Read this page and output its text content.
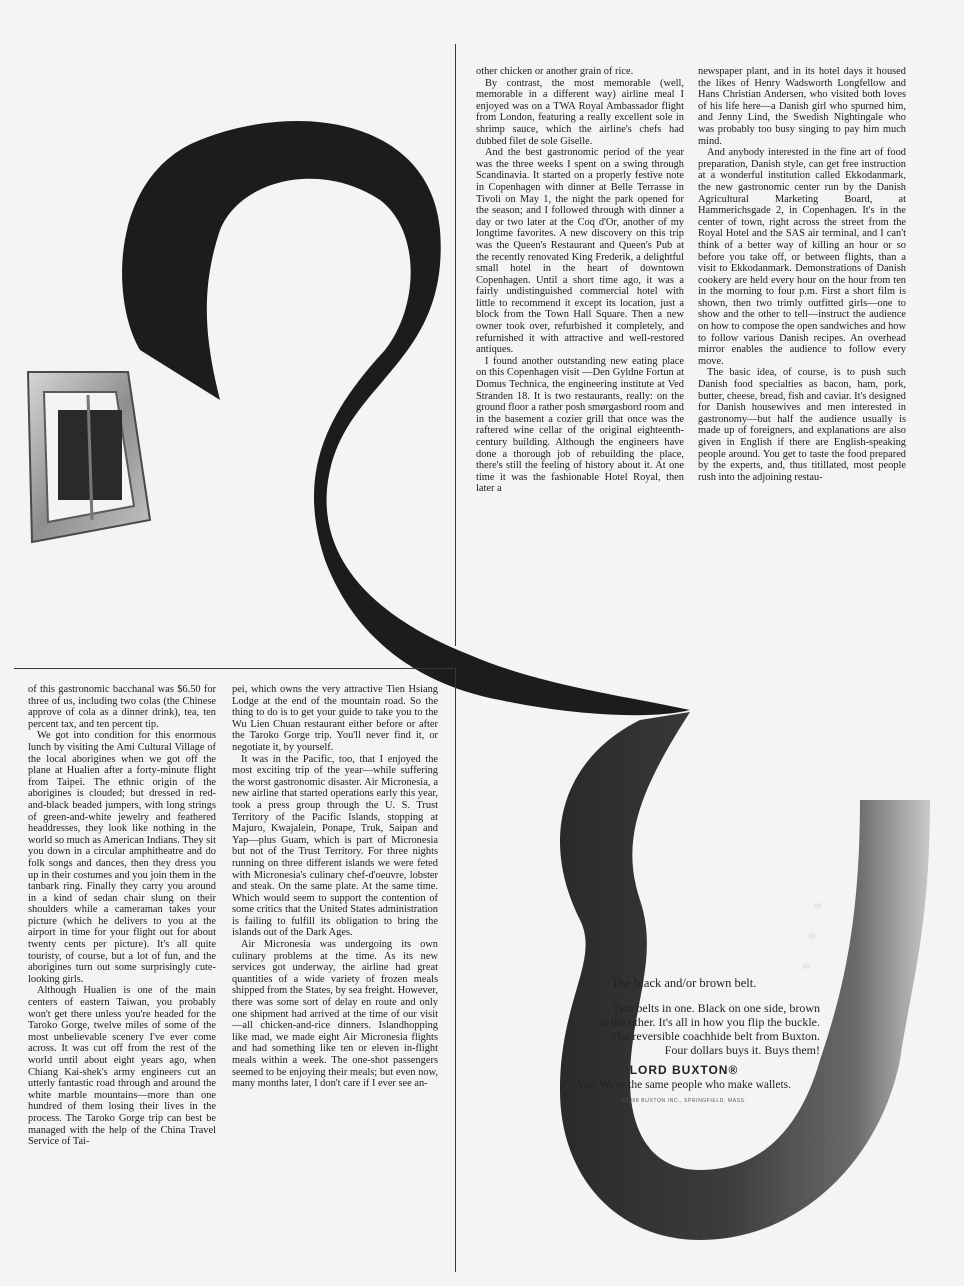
other chicken or another grain of rice.

By contrast, the most memorable (well, memorable in a different way) airline meal I enjoyed was on a TWA Royal Ambassador flight from London, featuring a really excellent sole in shrimp sauce, which the airline's chefs had dubbed filet de sole Giselle.

And the best gastronomic period of the year was the three weeks I spent on a swing through Scandinavia. It started on a properly festive note in Copenhagen with dinner at Belle Terrasse in Tivoli on May 1, the night the park opened for the season; and I followed through with dinner a day or two later at the Coq d'Or, another of my longtime favorites. A new discovery on this trip was the Queen's Restaurant and Queen's Pub at the recently renovated King Frederik, a delightful small hotel in the heart of downtown Copenhagen. Until a short time ago, it was a fairly undistinguished commercial hotel with little to recommend it except its location, just a block from the Town Hall Square. Then a new owner took over, refurbished it completely, and refurnished it with attractive and well-restored antiques.

I found another outstanding new eating place on this Copenhagen visit —Den Gyldne Fortun at Domus Technica, the engineering institute at Ved Stranden 18. It is two restaurants, really: on the ground floor a rather posh smørgasbord room and in the basement a cozier grill that once was the raftered wine cellar of the original eighteenth-century building. Although the engineers have done a thorough job of rebuilding the place, there's still the feeling of history about it. At one time it was the fashionable Hotel Royal, then later a

newspaper plant, and in its hotel days it housed the likes of Henry Wadsworth Longfellow and Hans Christian Andersen, who visited both loves of his life here—a Danish girl who spurned him, and Jenny Lind, the Swedish Nightingale who was probably too busy singing to pay him much mind.

And anybody interested in the fine art of food preparation, Danish style, can get free instruction at a wonderful institution called Ekkodanmark, the new gastronomic center run by the Danish Agricultural Marketing Board, at Hammerichsgade 2, in Copenhagen. It's in the center of town, right across the street from the Royal Hotel and the SAS air terminal, and I can't think of a better way of killing an hour or so before you take off, or between flights, than a visit to Ekkodanmark. Demonstrations of Danish cookery are held every hour on the hour from ten in the morning to four p.m. First a short film is shown, then two trimly outfitted girls—one to show and the other to tell—instruct the audience on how to compose the open sandwiches and how to follow various Danish recipes. An overhead mirror enables the audience to follow every move.

The basic idea, of course, is to push such Danish food specialties as bacon, ham, pork, butter, cheese, bread, fish and caviar. It's designed for Danish housewives and men interested in gastronomy—but half the audience usually is made up of foreigners, and explanations are also given in English if there are English-speaking people around. You get to taste the food prepared by the experts, and, thus titillated, most people rush into the adjoining restau-

of this gastronomic bacchanal was $6.50 for three of us, including two colas (the Chinese approve of cola as a dinner drink), tea, ten percent tax, and ten percent tip.

We got into condition for this enormous lunch by visiting the Ami Cultural Village of the local aborigines when we got off the plane at Hualien after a forty-minute flight from Taipei. The ethnic origin of the aborigines is clouded; but dressed in red-and-black beaded jumpers, with long strings of green-and-white jewelry and feathered headdresses, they look like nothing in the world so much as American Indians. They sit you down in a circular amphitheatre and do folk songs and dances, then they dress you up in their costumes and you join them in the tanbark ring. Finally they carry you around in a kind of sedan chair slung on their shoulders while a cameraman takes your picture (which he delivers to you at the airport in time for your flight out for about twenty cents per picture). It's all quite touristy, of course, but a lot of fun, and the aborigines turn out some surprisingly cute-looking girls.

Although Hualien is one of the main centers of eastern Taiwan, you probably won't get there unless you're headed for the Taroko Gorge, twelve miles of some of the most unbelievable scenery I've ever come across. It was cut off from the rest of the world until about eight years ago, when Chiang Kai-shek's army engineers cut an utterly fantastic road through and around the white marble mountains—more than one hundred of them losing their lives in the process. The Taroko Gorge trip can best be managed with the help of the China Travel Service of Tai-

pei, which owns the very attractive Tien Hsiang Lodge at the end of the mountain road. So the thing to do is to get your guide to take you to the Wu Lien Chuan restaurant either before or after the Taroko Gorge trip. You'll never find it, or negotiate it, by yourself.

It was in the Pacific, too, that I enjoyed the most exciting trip of the year—while suffering the worst gastronomic disaster. Air Micronesia, a new airline that started operations early this year, took a press group through the U. S. Trust Territory of the Pacific Islands, stopping at Majuro, Kwajalein, Ponape, Truk, Saipan and Yap—plus Guam, which is part of Micronesia but not of the Trust Territory. For three nights running on three different islands we were feted with Micronesia's culinary chef-d'oeuvre, lobster and steak. On the same plate. At the same time. Which would seem to support the contention of some critics that the United States administration is failing to fulfill its obligation to bring the islands out of the Dark Ages.

Air Micronesia was undergoing its own culinary problems at the time. As its new services got underway, the airline had great quantities of a wide variety of frozen meals shipped from the States, by sea freight. However, there was some sort of delay en route and only one shipment had arrived at the time of our visit—all chicken-and-rice dinners. Islandhopping like mad, we made eight Air Micronesia flights and had something like ten or eleven in-flight meals within a week. The one-shot passengers seemed to be enjoying their meals; but even now, many months later, I don't care if I ever see an-

The black and/or brown belt.
Two belts in one. Black on one side, brown
on the other. It's all in how you flip the buckle.
The reversible coachhide belt from Buxton.
Four dollars buys it. Buys them!
LORD BUXTON®
Yes. We're the same people who make wallets.
©1968 BUXTON INC., SPRINGFIELD, MASS.
